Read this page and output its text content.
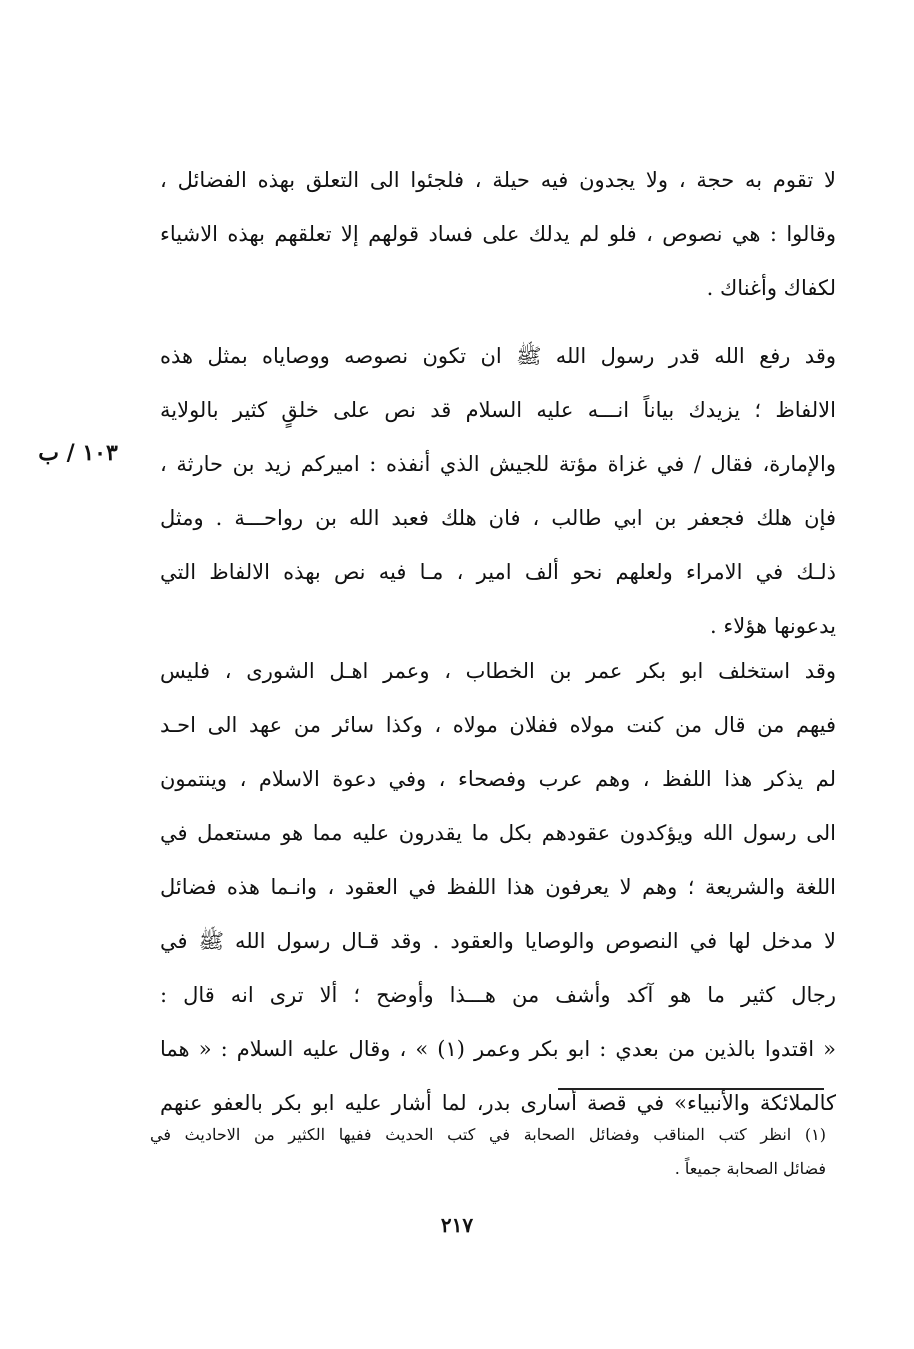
لا تقوم به حجة ، ولا يجدون فيه حيلة ، فلجئوا الى التعلق بهذه الفضائل ،
وقالوا : هي نصوص ، فلو لم يدلك على فساد قولهم إلا تعلقهم بهذه الاشياء
لكفاك وأغناك .
وقد رفع الله قدر رسول الله ﷺ ان تكون نصوصه ووصاياه بمثل هذه
الالفاظ ؛ يزيدك بياناً انـــه عليه السلام قد نص على خلقٍ كثير بالولاية
والإمارة، فقال / في غزاة مؤتة للجيش الذي أنفذه : اميركم زيد بن حارثة ،
فإن هلك فجعفر بن ابي طالب ، فان هلك فعبد الله بن رواحـــة . ومثل
ذلـك في الامراء ولعلهم نحو ألف امير ، مـا فيه نص بهذه الالفاظ التي
يدعونها هؤلاء .
١٠٣ / ب
وقد استخلف ابو بكر عمر بن الخطاب ، وعمر اهـل الشورى ، فليس
فيهم من قال من كنت مولاه ففلان مولاه ، وكذا سائر من عهد الى احـد
لم يذكر هذا اللفظ ، وهم عرب وفصحاء ، وفي دعوة الاسلام ، وينتمون
الى رسول الله ويؤكدون عقودهم بكل ما يقدرون عليه مما هو مستعمل في
اللغة والشريعة ؛ وهم لا يعرفون هذا اللفظ في العقود ، وانـما هذه فضائل
لا مدخل لها في النصوص والوصايا والعقود . وقد قـال رسول الله ﷺ في
رجال كثير ما هو آكد وأشف من هـــذا وأوضح ؛ ألا ترى انه قال :
« اقتدوا بالذين من بعدي : ابو بكر وعمر (١) » ، وقال عليه السلام : « هما
كالملائكة والأنبياء» في قصة أسارى بدر، لما أشار عليه ابو بكر بالعفو عنهم
(١) انظر كتب المناقب وفضائل الصحابة في كتب الحديث ففيها الكثير من الاحاديث في
فضائل الصحابة جميعاً .
٢١٧
